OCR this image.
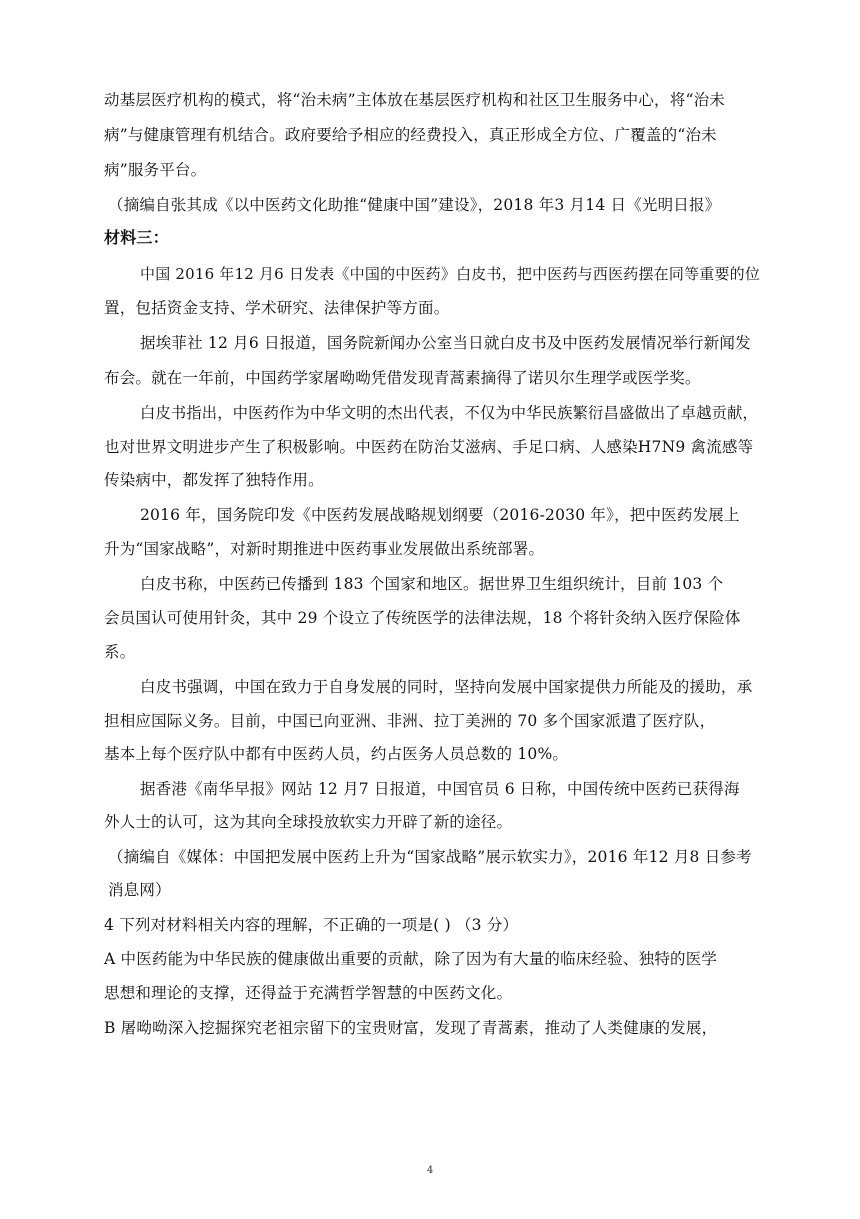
动基层医疗机构的模式，将“治未病”主体放在基层医疗机构和社区卫生服务中心，将“治未
病”与健康管理有机结合。政府要给予相应的经费投入，真正形成全方位、广覆盖的“治未
病”服务平台。
（摘编自张其成《以中医药文化助推“健康中国”建设》，2018 年3 月14 日《光明日报》
材料三：
中国 2016 年12 月6 日发表《中国的中医药》白皮书，把中医药与西医药摆在同等重要的位
置，包括资金支持、学术研究、法律保护等方面。
据埃菲社 12 月6 日报道，国务院新闻办公室当日就白皮书及中医药发展情况举行新闻发
布会。就在一年前，中国药学家屠呦呦凭借发现青蒿素摘得了诺贝尔生理学或医学奖。
白皮书指出，中医药作为中华文明的杰出代表，不仅为中华民族繁衍昌盛做出了卓越贡献，
也对世界文明进步产生了积极影响。中医药在防治艾滋病、手足口病、人感染H7N9 禽流感等
传染病中，都发挥了独特作用。
2016 年，国务院印发《中医药发展战略规划纲要（2016-2030 年》，把中医药发展上
升为“国家战略”，对新时期推进中医药事业发展做出系统部署。
白皮书称，中医药已传播到 183 个国家和地区。据世界卫生组织统计，目前 103 个
会员国认可使用针灸，其中 29 个设立了传统医学的法律法规，18 个将针灸纳入医疗保险体
系。
白皮书强调，中国在致力于自身发展的同时，坚持向发展中国家提供力所能及的援助，承
担相应国际义务。目前，中国已向亚洲、非洲、拉丁美洲的 70 多个国家派遣了医疗队，
基本上每个医疗队中都有中医药人员，约占医务人员总数的 10%。
据香港《南华早报》网站 12 月7 日报道，中国官员 6 日称，中国传统中医药已获得海
外人士的认可，这为其向全球投放软实力开辟了新的途径。
（摘编自《媒体：中国把发展中医药上升为“国家战略”展示软实力》，2016 年12 月8 日参考
消息网）
4 下列对材料相关内容的理解，不正确的一项是( ) （3 分）
A 中医药能为中华民族的健康做出重要的贡献，除了因为有大量的临床经验、独特的医学
思想和理论的支撑，还得益于充满哲学智慧的中医药文化。
B 屠呦呦深入挖掘探究老祖宗留下的宝贵财富，发现了青蒿素，推动了人类健康的发展，
4
